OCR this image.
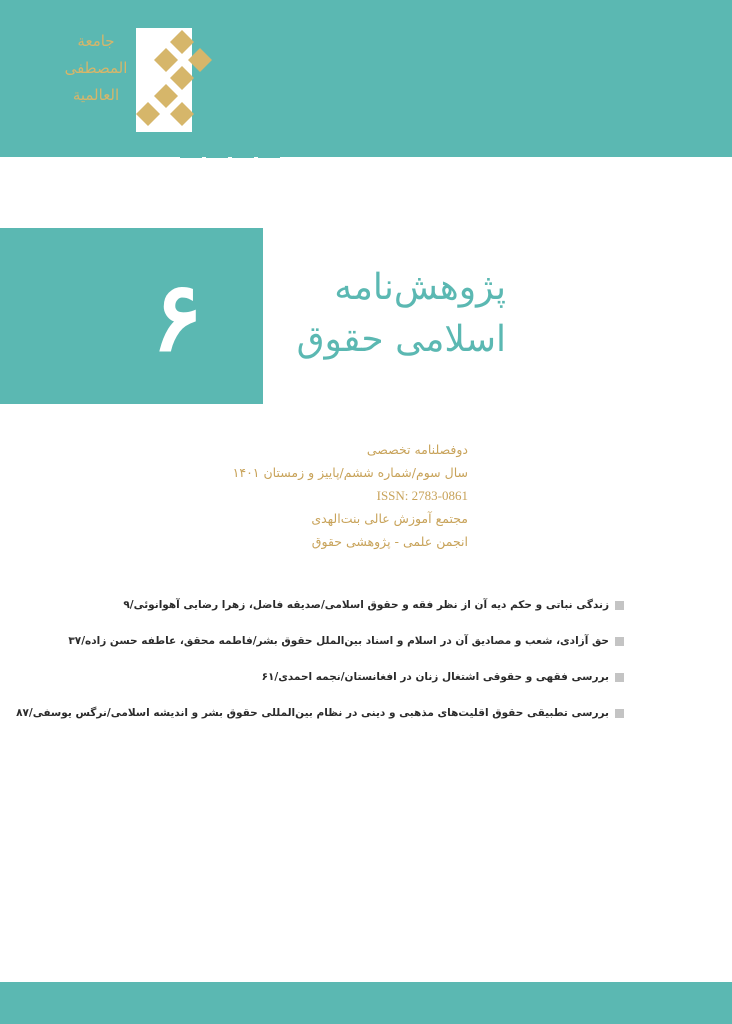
جامعة
المصطفی
العالمیة
۶	پژوهش‌نامه
اسلامی حقوق
دوفصلنامه تخصصی
سال سوم/شماره ششم/پاییز و زمستان ۱۴۰۱
ISSN: 2783-0861
مجتمع آموزش عالی بنت‌الهدی
انجمن علمی - پژوهشی حقوق
زندگی نباتی و حکم دیه آن از نظر فقه و حقوق اسلامی/صدیقه فاضل، زهرا رضایی آهوانوئی/۹
حق آزادی، شعب و مصادیق آن در اسلام و اسناد بین‌الملل حقوق بشر/فاطمه محقق، عاطفه حسن زاده/۳۷
بررسی فقهی و حقوقی اشتغال زنان در افغانستان/نجمه احمدی/۶۱
بررسی تطبیقی حقوق اقلیت‌های مذهبی و دینی در نظام بین‌المللی حقوق بشر و اندیشه اسلامی/نرگس یوسفی/۸۷
